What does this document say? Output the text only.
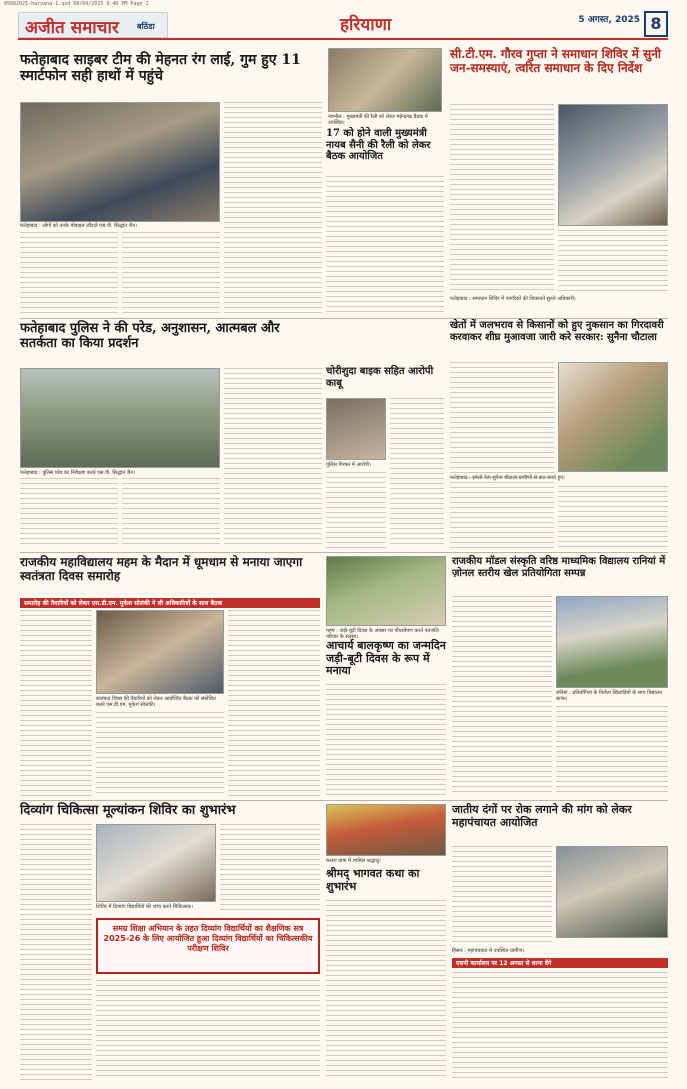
05082025-haryana-1.qxd 08/04/2025 9:46 PM Page 1
अजीत समाचार बठिंडा	हरियाणा	5 अगस्त, 2025 8
फतेहाबाद साइबर टीम की मेहनत रंग लाई, गुम हुए 11 स्मार्टफोन सही हाथों में पहुंचे
फतेहाबाद : लोगों को उनके मोबाइल लौटाते एस.पी. सिद्धांत जैन।
नारनौल : मुख्यमंत्री की रैली को लेकर महेन्द्रगढ़ बैठक में उपस्थित।
17 को होने वाली मुख्यमंत्री नायब सैनी की रैली को लेकर बैठक आयोजित
सी.टी.एम. गौरव गुप्ता ने समाधान शिविर में सुनी जन-समस्याएं, त्वरित समाधान के दिए निर्देश
फतेहाबाद : समाधान शिविर में नागरिकों की शिकायतें सुनते अधिकारी।
फतेहाबाद पुलिस ने की परेड, अनुशासन, आत्मबल और सतर्कता का किया प्रदर्शन
फतेहाबाद : पुलिस परेड का निरीक्षण करते एस.पी. सिद्धांत जैन।
चोरीशुदा बाइक सहित आरोपी काबू
पुलिस गिरफ्त में आरोपी।
खेतों में जलभराव से किसानों को हुए नुकसान का गिरदावरी करवाकर शीघ्र मुआवजा जारी करे सरकार: सुनैना चौटाला
फतेहाबाद : इनेलो नेता सुनैना चौटाला ग्रामीणों से बात करते हुए।
राजकीय महाविद्यालय महम के मैदान में धूमधाम से मनाया जाएगा स्वतंत्रता दिवस समारोह
समारोह की तैयारियों को लेकर एस.डी.एम. मुकेश सोलंकी ने ली अधिकारियों के साथ बैठक
स्वतंत्रता दिवस की तैयारियों को लेकर आयोजित बैठक को संबोधित करते एस.डी.एम. मुकेश सोलंकी।
महम : जड़ी-बूटी दिवस के अवसर पर पौधारोपण करते पतंजलि परिवार के सदस्य।
आचार्य बालकृष्ण का जन्मदिन जड़ी-बूटी दिवस के रूप में मनाया
राजकीय मॉडल संस्कृति वरिष्ठ माध्यमिक विद्यालय रानियां में ज़ोनल स्तरीय खेल प्रतियोगिता सम्पन्न
रानियां : प्रतियोगिता के विजेता खिलाड़ियों के साथ विद्यालय स्टाफ।
दिव्यांग चिकित्सा मूल्यांकन शिविर का शुभारंभ
शिविर में दिव्यांग विद्यार्थियों की जांच करते चिकित्सक।
समग्र शिक्षा अभियान के तहत दिव्यांग विद्यार्थियों का शैक्षणिक सत्र 2025-26 के लिए आयोजित हुआ दिव्यांग विद्यार्थियों का चिकित्सकीय परीक्षण शिविर
कलश यात्रा में शामिल श्रद्धालु।
श्रीमद् भागवत कथा का शुभारंभ
जातीय दंगों पर रोक लगाने की मांग को लेकर महापंचायत आयोजित
हिसार : महापंचायत में उपस्थित ग्रामीण।
एसपी कार्यालय पर 12 अगस्त से धरना देंगे
